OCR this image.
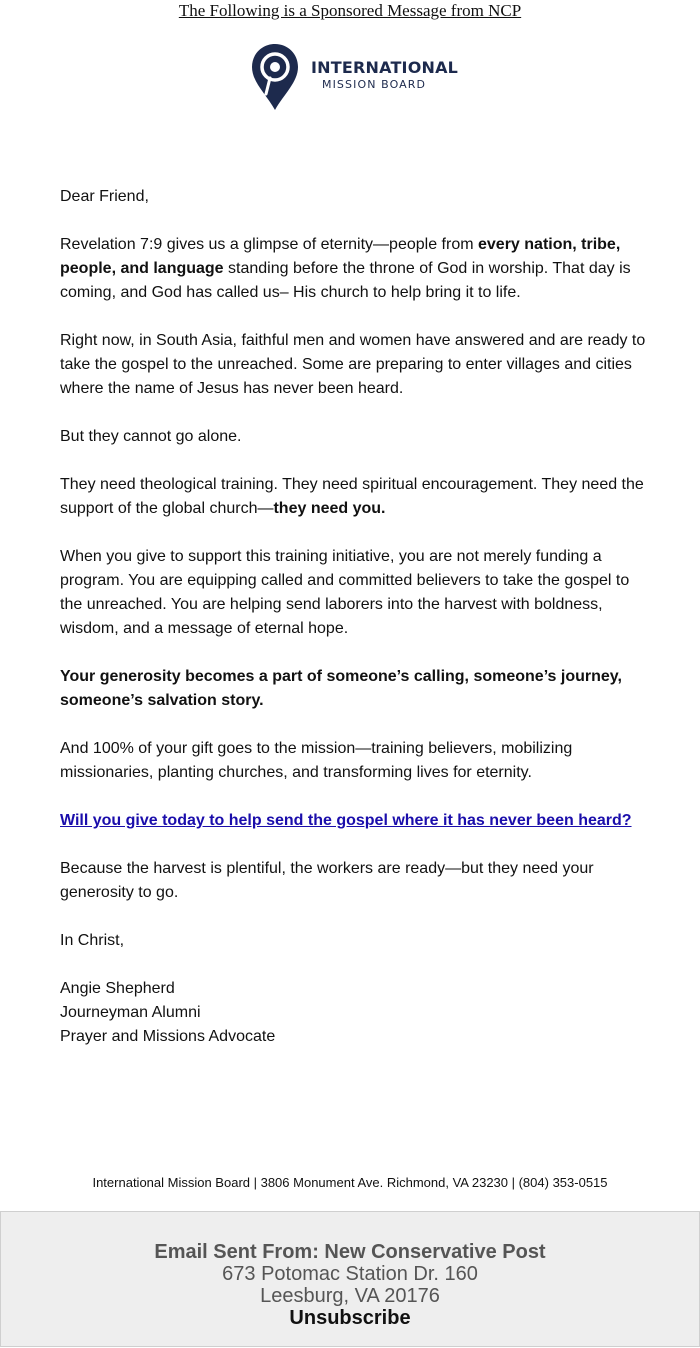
The Following is a Sponsored Message from NCP
INTERNATIONAL
MISSION BOARD

Dear Friend,

Revelation 7:9 gives us a glimpse of eternity—people from every nation, tribe, people, and language standing before the throne of God in worship. That day is coming, and God has called us– His church to help bring it to life.

Right now, in South Asia, faithful men and women have answered and are ready to take the gospel to the unreached. Some are preparing to enter villages and cities where the name of Jesus has never been heard.

But they cannot go alone.

They need theological training. They need spiritual encouragement. They need the support of the global church—they need you.

When you give to support this training initiative, you are not merely funding a program. You are equipping called and committed believers to take the gospel to the unreached. You are helping send laborers into the harvest with boldness, wisdom, and a message of eternal hope.

Your generosity becomes a part of someone’s calling, someone’s journey, someone’s salvation story.

And 100% of your gift goes to the mission—training believers, mobilizing missionaries, planting churches, and transforming lives for eternity.

Will you give today to help send the gospel where it has never been heard?

Because the harvest is plentiful, the workers are ready—but they need your generosity to go.

In Christ,

Angie Shepherd

Journeyman Alumni

Prayer and Missions Advocate

International Mission Board | 3806 Monument Ave. Richmond, VA 23230 | (804) 353-0515
Email Sent From: New Conservative Post
673 Potomac Station Dr. 160
Leesburg, VA 20176
Unsubscribe
